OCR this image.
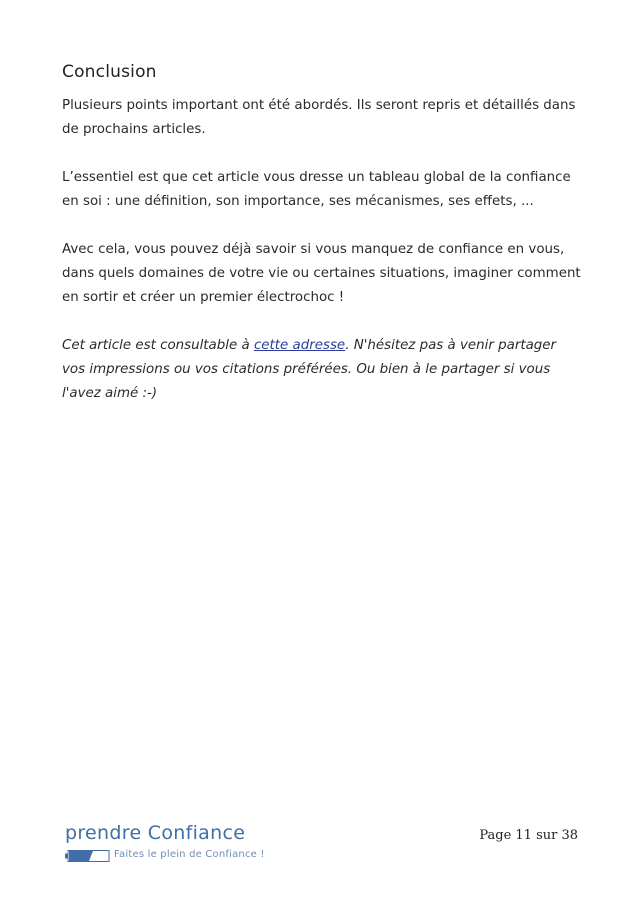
Conclusion

Plusieurs points important ont été abordés. Ils seront repris et détaillés dans de prochains articles.

L’essentiel est que cet article vous dresse un tableau global de la confiance en soi : une définition, son importance, ses mécanismes, ses effets, ...

Avec cela, vous pouvez déjà savoir si vous manquez de confiance en vous, dans quels domaines de votre vie ou certaines situations, imaginer comment en sortir et créer un premier électrochoc !

Cet article est consultable à cette adresse. N'hésitez pas à venir partager vos impressions ou vos citations préférées. Ou bien à le partager si vous l'avez aimé :-)

prendre Confiance
Faites le plein de Confiance !
Page 11 sur 38
